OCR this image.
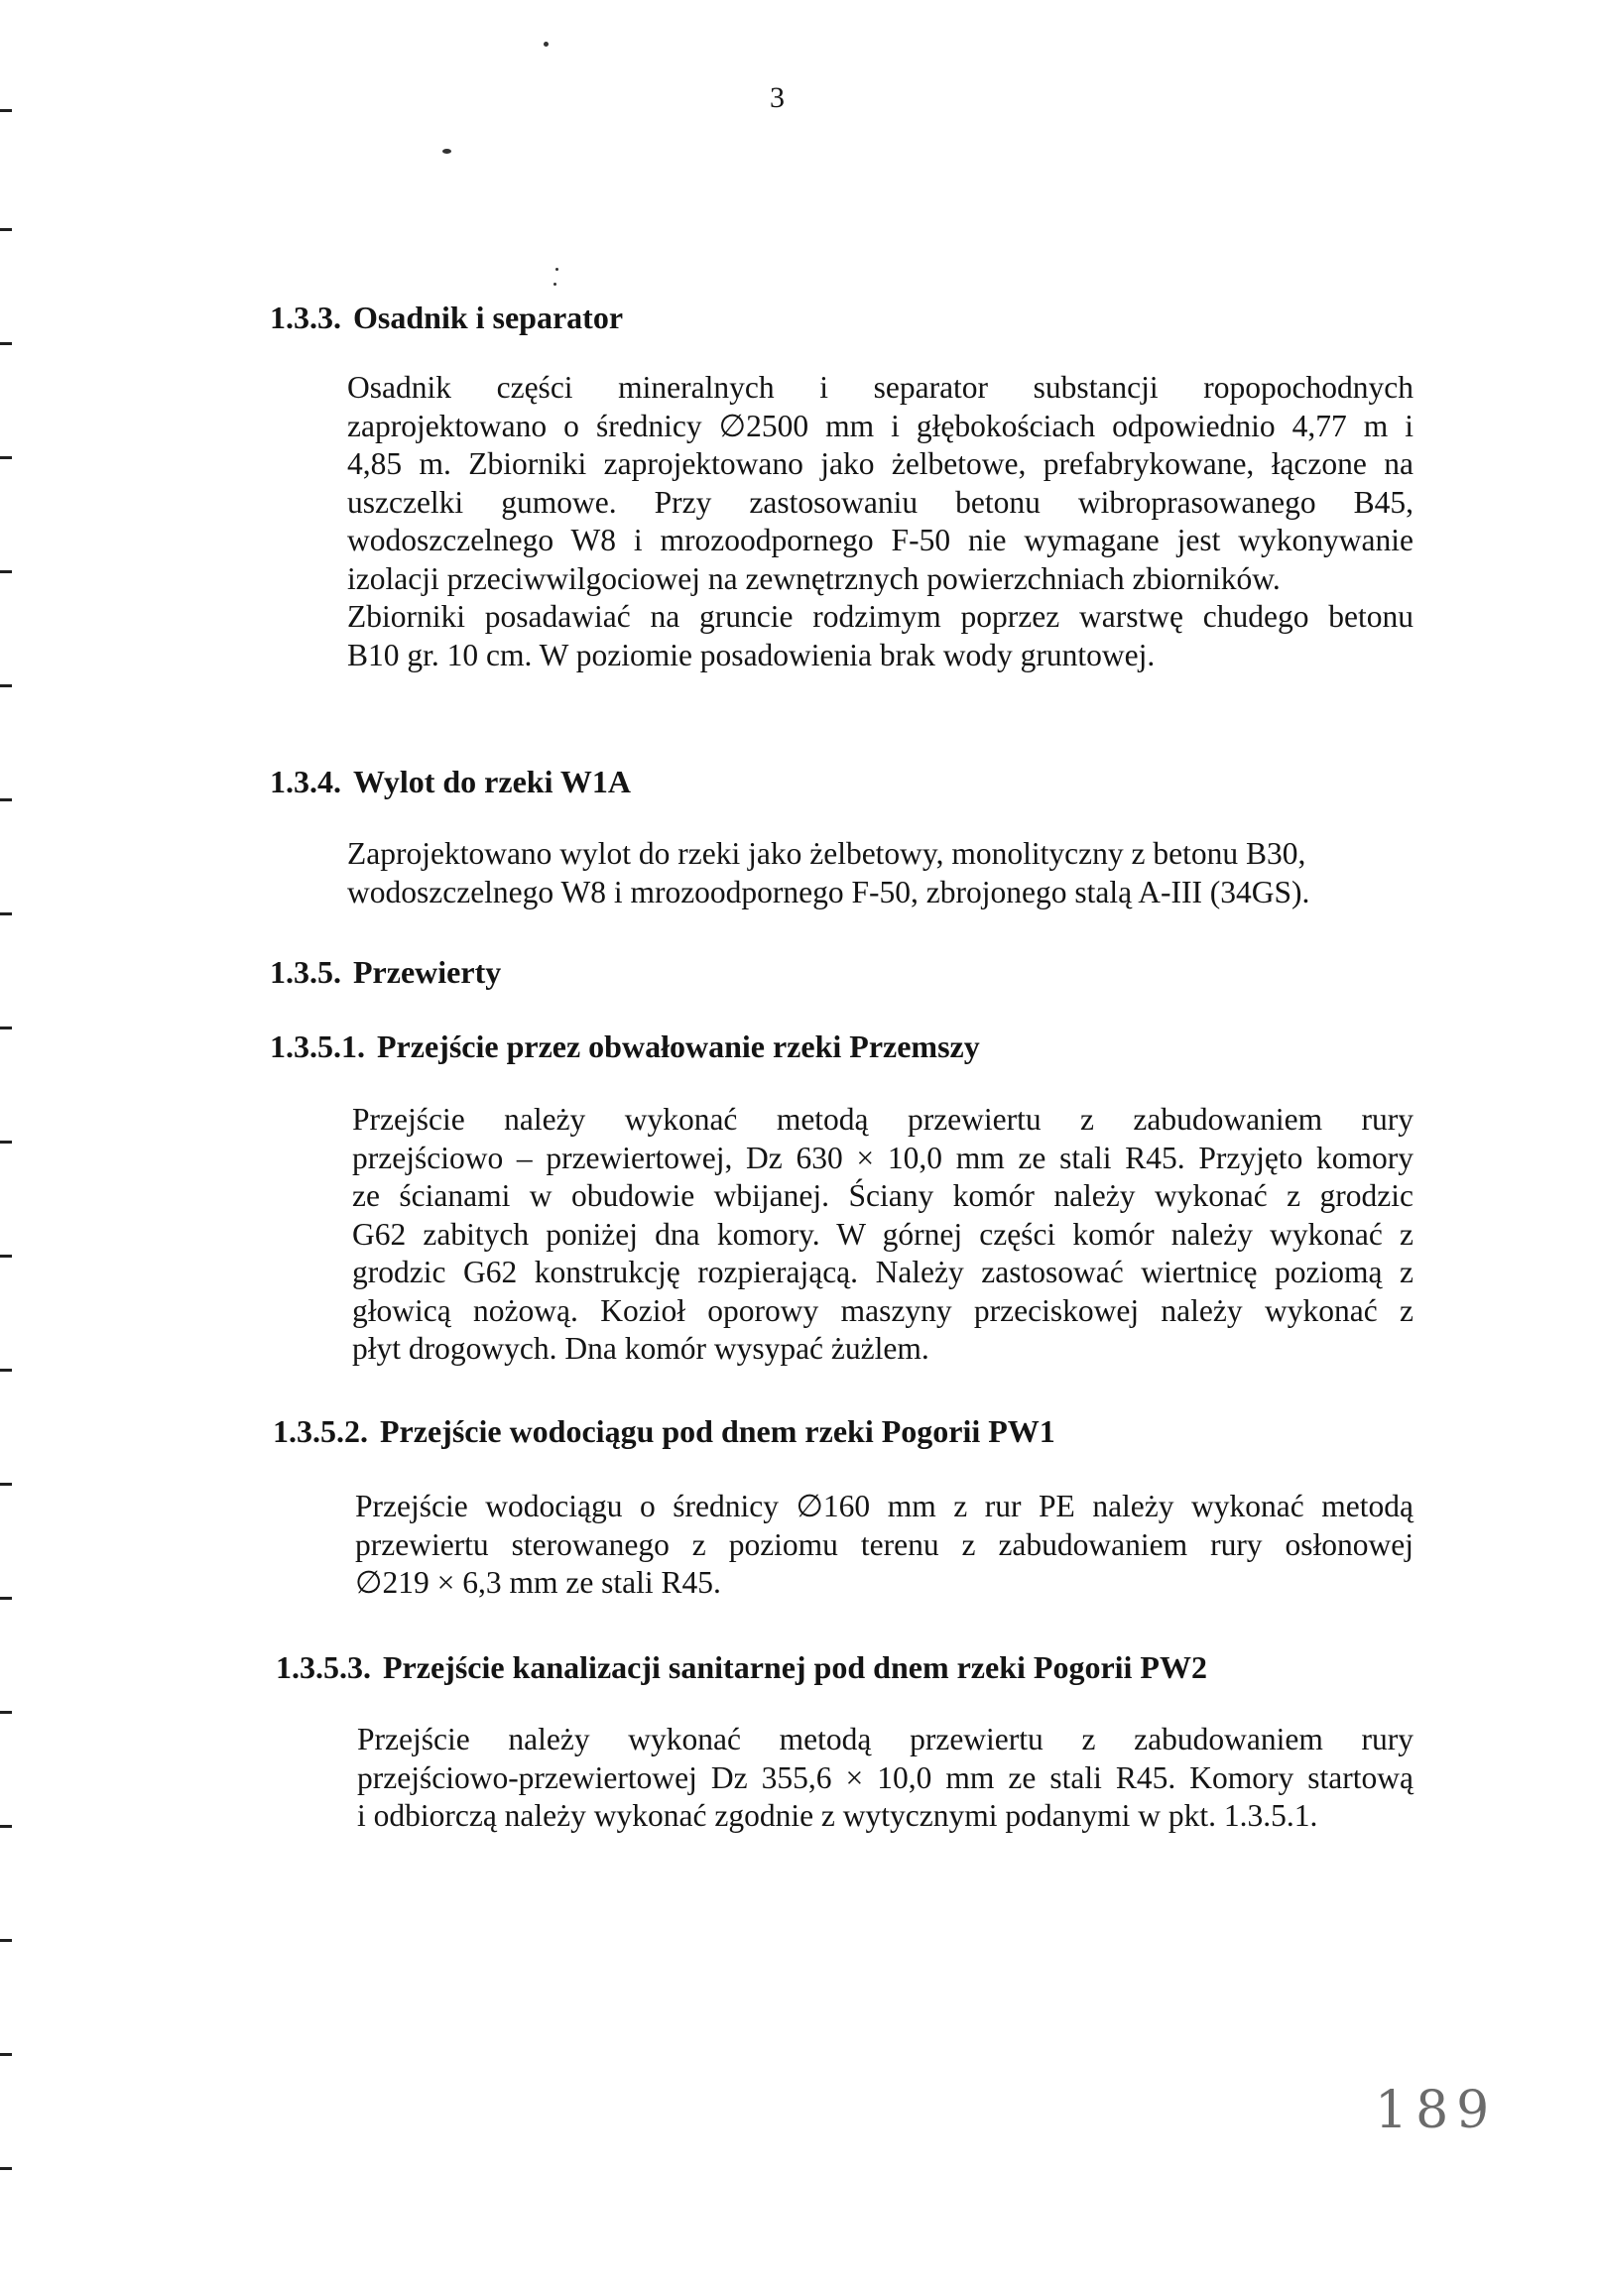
3
1.3.3. Osadnik i separator
Osadnik części mineralnych i separator substancji ropopochodnych
zaprojektowano o średnicy ∅2500 mm i głębokościach odpowiednio 4,77 m i
4,85 m. Zbiorniki zaprojektowano jako żelbetowe, prefabrykowane, łączone na
uszczelki gumowe. Przy zastosowaniu betonu wibroprasowanego B45,
wodoszczelnego W8 i mrozoodpornego F-50 nie wymagane jest wykonywanie
izolacji przeciwwilgociowej na zewnętrznych powierzchniach zbiorników.
Zbiorniki posadawiać na gruncie rodzimym poprzez warstwę chudego betonu
B10 gr. 10 cm. W poziomie posadowienia brak wody gruntowej.
1.3.4. Wylot do rzeki W1A
Zaprojektowano wylot do rzeki jako żelbetowy, monolityczny z betonu B30,
wodoszczelnego W8 i mrozoodpornego F-50, zbrojonego stalą A-III (34GS).
1.3.5. Przewierty
1.3.5.1. Przejście przez obwałowanie rzeki Przemszy
Przejście należy wykonać metodą przewiertu z zabudowaniem rury
przejściowo – przewiertowej, Dz 630 × 10,0 mm ze stali R45. Przyjęto komory
ze ścianami w obudowie wbijanej. Ściany komór należy wykonać z grodzic
G62 zabitych poniżej dna komory. W górnej części komór należy wykonać z
grodzic G62 konstrukcję rozpierającą. Należy zastosować wiertnicę poziomą z
głowicą nożową. Kozioł oporowy maszyny przeciskowej należy wykonać z
płyt drogowych. Dna komór wysypać żużlem.
1.3.5.2. Przejście wodociągu pod dnem rzeki Pogorii PW1
Przejście wodociągu o średnicy ∅160 mm z rur PE należy wykonać metodą
przewiertu sterowanego z poziomu terenu z zabudowaniem rury osłonowej
∅219 × 6,3 mm ze stali R45.
1.3.5.3. Przejście kanalizacji sanitarnej pod dnem rzeki Pogorii PW2
Przejście należy wykonać metodą przewiertu z zabudowaniem rury
przejściowo-przewiertowej Dz 355,6 × 10,0 mm ze stali R45. Komory startową
i odbiorczą należy wykonać zgodnie z wytycznymi podanymi w pkt. 1.3.5.1.
189
